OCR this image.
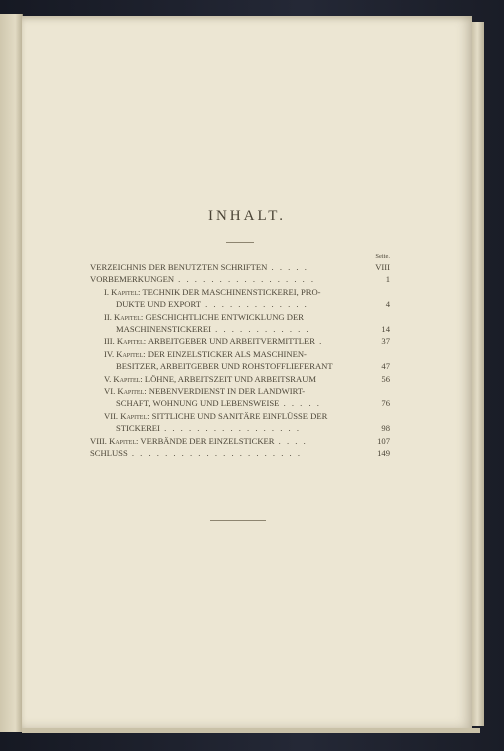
INHALT.
Seite.
VERZEICHNIS DER BENUTZTEN SCHRIFTEN . . . . .	VIII
VORBEMERKUNGEN . . . . . . . . . . . . . . . . .	1
I. Kapitel: TECHNIK DER MASCHINENSTICKEREI, PRO-
DUKTE UND EXPORT . . . . . . . . . . . . .	4
II. Kapitel: GESCHICHTLICHE ENTWICKLUNG DER
MASCHINENSTICKEREI . . . . . . . . . . . .	14
III. Kapitel: ARBEITGEBER UND ARBEITVERMITTLER .	37
IV. Kapitel: DER EINZELSTICKER ALS MASCHINEN-
BESITZER, ARBEITGEBER UND ROHSTOFFLIEFERANT	47
V. Kapitel: LÖHNE, ARBEITSZEIT UND ARBEITSRAUM	56
VI. Kapitel: NEBENVERDIENST IN DER LANDWIRT-
SCHAFT, WOHNUNG UND LEBENSWEISE . . . . .	76
VII. Kapitel: SITTLICHE UND SANITÄRE EINFLÜSSE DER
STICKEREI . . . . . . . . . . . . . . . . .	98
VIII. Kapitel: VERBÄNDE DER EINZELSTICKER . . . .	107
SCHLUSS . . . . . . . . . . . . . . . . . . . . .	149
